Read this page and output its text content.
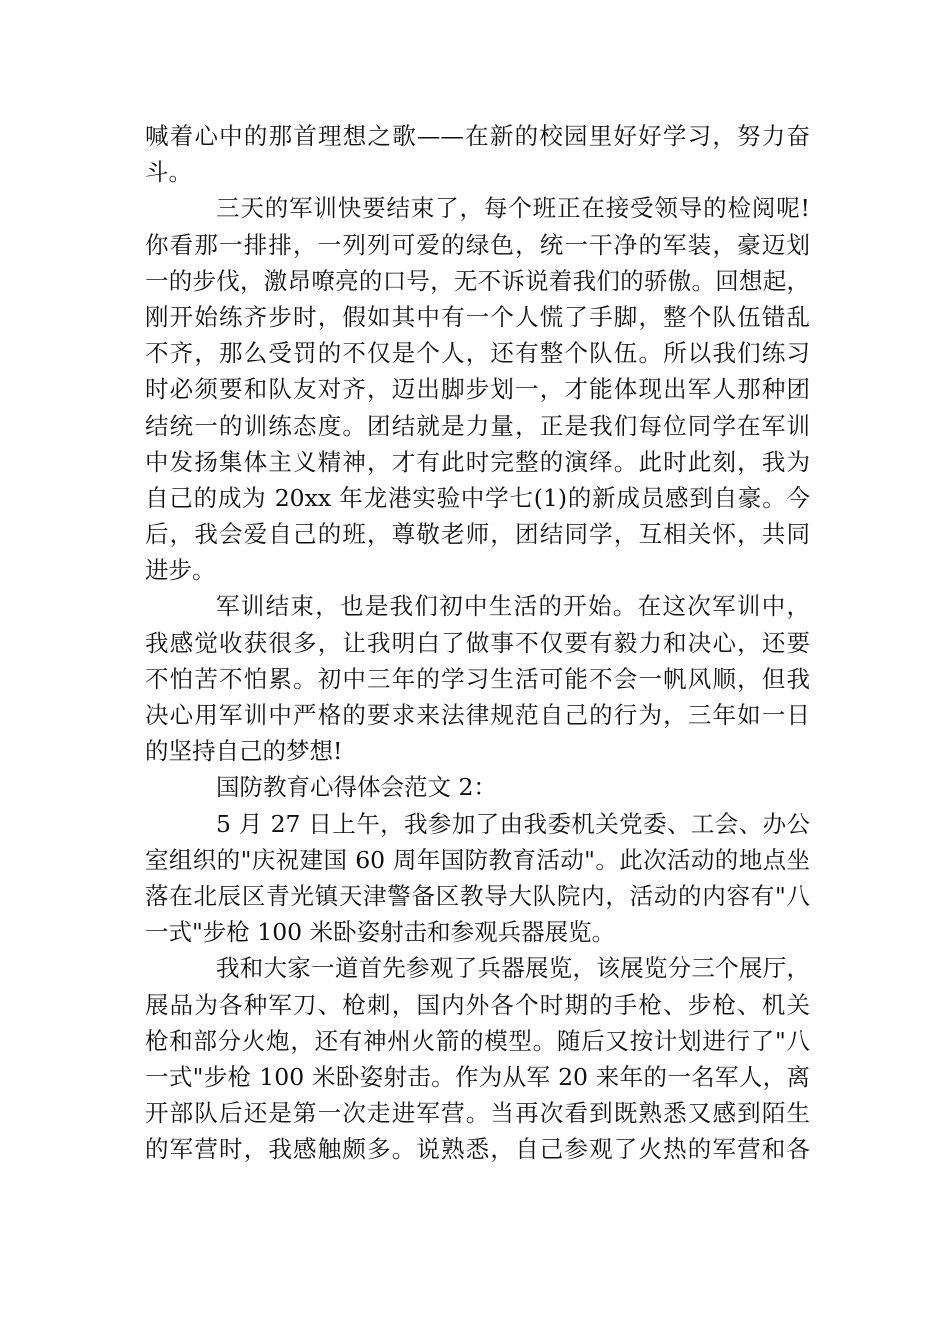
喊着心中的那首理想之歌——在新的校园里好好学习，努力奋
斗。
三天的军训快要结束了，每个班正在接受领导的检阅呢!
你看那一排排，一列列可爱的绿色，统一干净的军装，豪迈划
一的步伐，激昂嘹亮的口号，无不诉说着我们的骄傲。回想起，
刚开始练齐步时，假如其中有一个人慌了手脚，整个队伍错乱
不齐，那么受罚的不仅是个人，还有整个队伍。所以我们练习
时必须要和队友对齐，迈出脚步划一，才能体现出军人那种团
结统一的训练态度。团结就是力量，正是我们每位同学在军训
中发扬集体主义精神，才有此时完整的演绎。此时此刻，我为
自己的成为 20xx 年龙港实验中学七(1)的新成员感到自豪。今
后，我会爱自己的班，尊敬老师，团结同学，互相关怀，共同
进步。
军训结束，也是我们初中生活的开始。在这次军训中，
我感觉收获很多，让我明白了做事不仅要有毅力和决心，还要
不怕苦不怕累。初中三年的学习生活可能不会一帆风顺，但我
决心用军训中严格的要求来法律规范自己的行为，三年如一日
的坚持自己的梦想!
国防教育心得体会范文 2：
5 月 27 日上午，我参加了由我委机关党委、工会、办公
室组织的"庆祝建国 60 周年国防教育活动"。此次活动的地点坐
落在北辰区青光镇天津警备区教导大队院内，活动的内容有"八
一式"步枪 100 米卧姿射击和参观兵器展览。
我和大家一道首先参观了兵器展览，该展览分三个展厅，
展品为各种军刀、枪刺，国内外各个时期的手枪、步枪、机关
枪和部分火炮，还有神州火箭的模型。随后又按计划进行了"八
一式"步枪 100 米卧姿射击。作为从军 20 来年的一名军人，离
开部队后还是第一次走进军营。当再次看到既熟悉又感到陌生
的军营时，我感触颇多。说熟悉，自己参观了火热的军营和各
